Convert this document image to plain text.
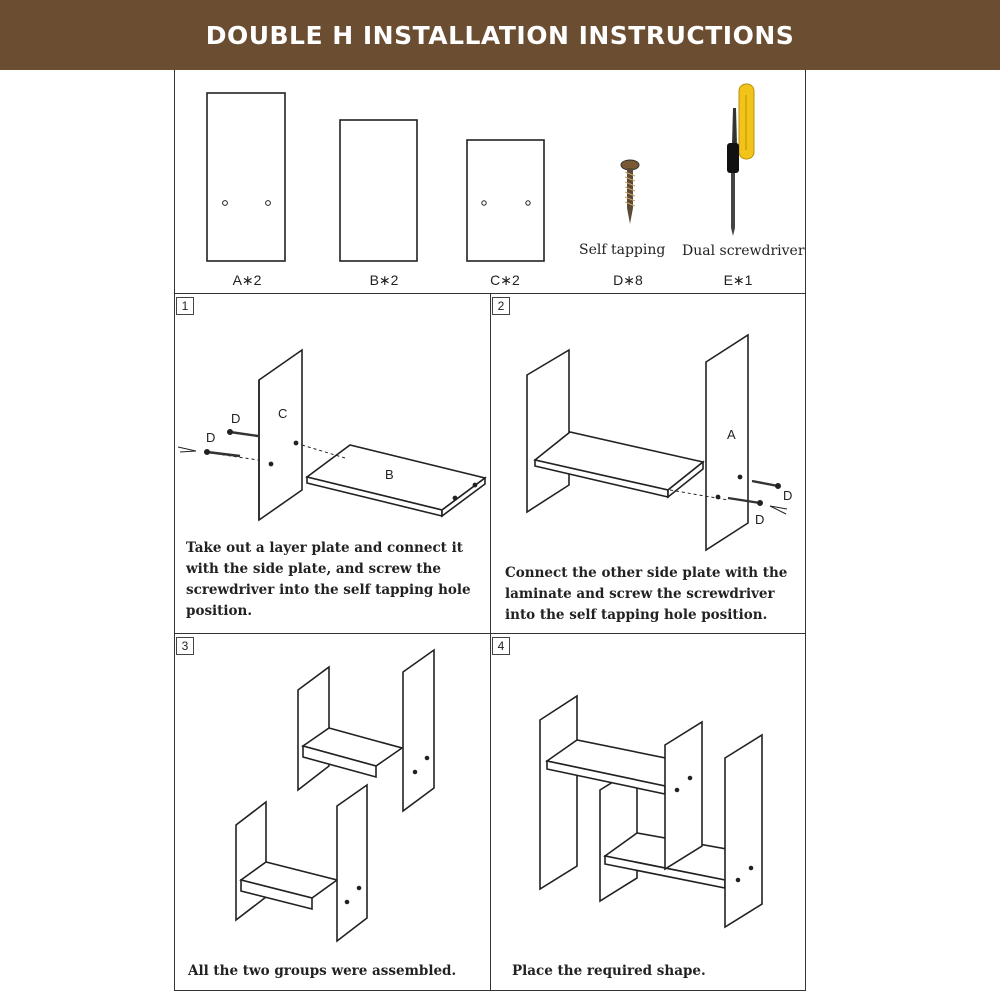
DOUBLE H INSTALLATION INSTRUCTIONS
A∗2	B∗2	C∗2	D∗8	E∗1
Self tapping Dual screwdriver
1	2
3	4
D
D
C
B
A
D
D
Take out a layer plate and connect it with the side plate, and screw the screwdriver into the self tapping hole position.
Connect the other side plate with the laminate and screw the screwdriver into the self tapping hole position.
All the two groups were assembled.	Place the required shape.
